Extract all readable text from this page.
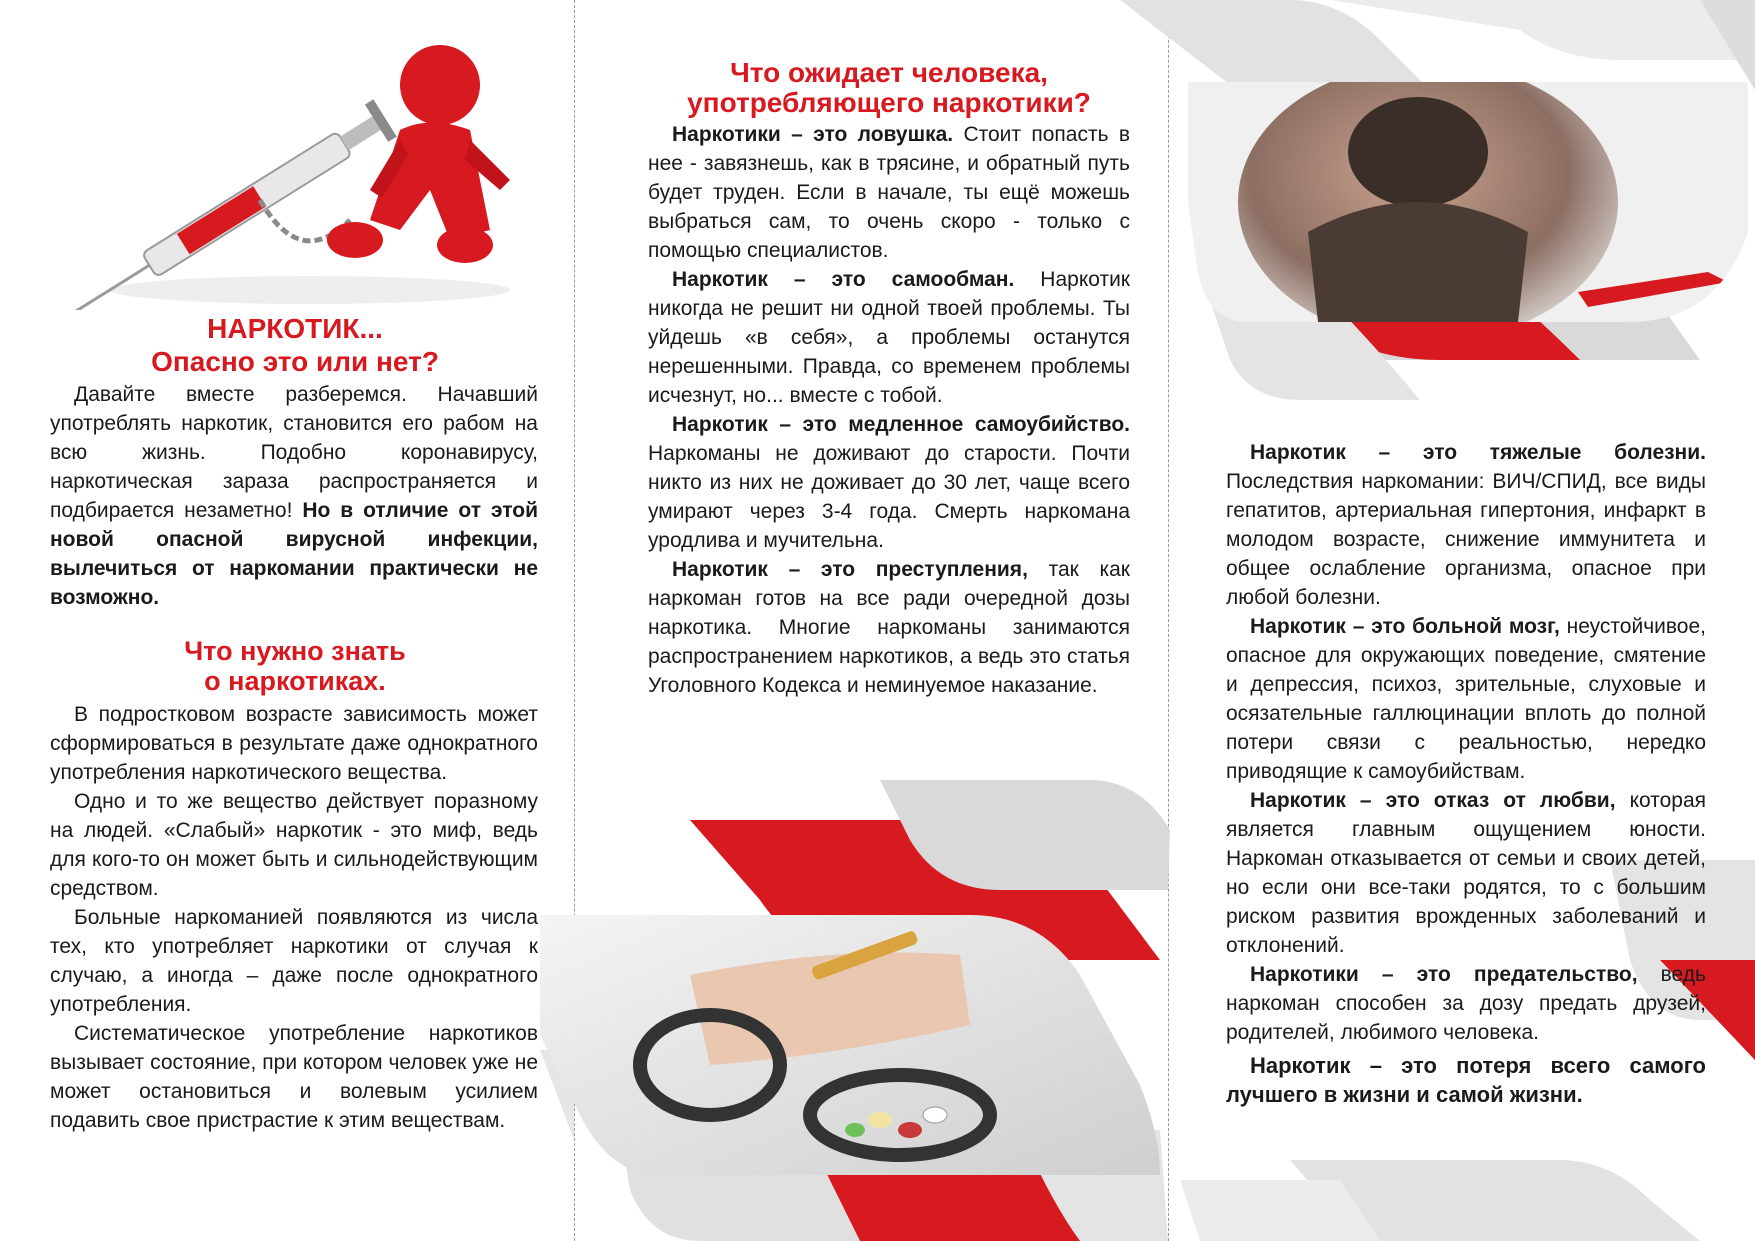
НАРКОТИК...
Опасно это или нет?

Давайте вместе разберемся. Начавший употреблять наркотик, становится его рабом на всю жизнь. Подобно коронавирусу, наркотическая зараза распространяется и подбирается незаметно! Но в отличие от этой новой опасной вирусной инфекции, вылечиться от наркомании практически не возможно.

Что нужно знать
о наркотиках.

В подростковом возрасте зависимость может сформироваться в результате даже однократного употребления наркотического вещества.

Одно и то же вещество действует поразному на людей. «Слабый» наркотик - это миф, ведь для кого-то он может быть и сильнодействующим средством.

Больные наркоманией появляются из числа тех, кто употребляет наркотики от случая к случаю, а иногда – даже после однократного употребления.

Систематическое употребление наркотиков вызывает состояние, при котором человек уже не может остановиться и волевым усилием подавить свое пристрастие к этим веществам.

Что ожидает человека,
употребляющего наркотики?

Наркотики – это ловушка. Стоит попасть в нее - завязнешь, как в трясине, и обратный путь будет труден. Если в начале, ты ещё можешь выбраться сам, то очень скоро - только с помощью специалистов.

Наркотик – это самообман. Наркотик никогда не решит ни одной твоей проблемы. Ты уйдешь «в себя», а проблемы останутся нерешенными. Правда, со временем проблемы исчезнут, но... вместе с тобой.

Наркотик – это медленное самоубийство. Наркоманы не доживают до старости. Почти никто из них не доживает до 30 лет, чаще всего умирают через 3-4 года. Смерть наркомана уродлива и мучительна.

Наркотик – это преступления, так как наркоман готов на все ради очередной дозы наркотика. Многие наркоманы занимаются распространением наркотиков, а ведь это статья Уголовного Кодекса и неминуемое наказание.

Наркотик – это тяжелые болезни. Последствия наркомании: ВИЧ/СПИД, все виды гепатитов, артериальная гипертония, инфаркт в молодом возрасте, снижение иммунитета и общее ослабление организма, опасное при любой болезни.

Наркотик – это больной мозг, неустойчивое, опасное для окружающих поведение, смятение и депрессия, психоз, зрительные, слуховые и осязательные галлюцинации вплоть до полной потери связи с реальностью, нередко приводящие к самоубийствам.

Наркотик – это отказ от любви, которая является главным ощущением юности. Наркоман отказывается от семьи и своих детей, но если они все-таки родятся, то с большим риском развития врожденных заболеваний и отклонений.

Наркотики – это предательство, ведь наркоман способен за дозу предать друзей, родителей, любимого человека.

Наркотик – это потеря всего самого лучшего в жизни и самой жизни.
